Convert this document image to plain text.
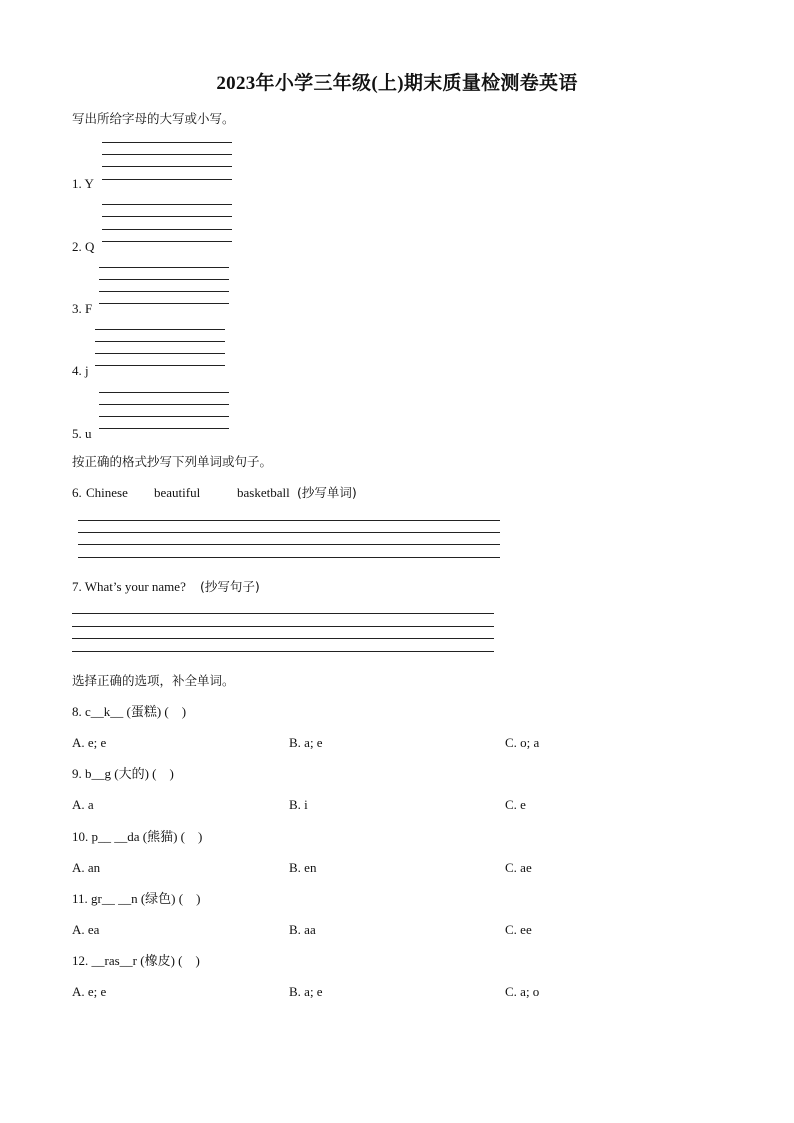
2023年小学三年级(上)期末质量检测卷英语
写出所给字母的大写或小写。
1. Y
2. Q
3. F
4. j
5. u
按正确的格式抄写下列单词或句子。
6. Chinese beautiful	basketball (抄写单词)
7. What’s your name? (抄写句子)
选择正确的选项，补全单词。
8. c__k__ (蛋糕) (    )
A. e; e	B. a; e	C. o; a
9. b__g (大的) (    )
A. a	B. i	C. e
10. p__ __da (熊猫) (    )
A. an	B. en	C. ae
11. gr__ __n (绿色) (    )
A. ea	B. aa	C. ee
12. __ras__r (橡皮) (    )
A. e; e	B. a; e	C. a; o
